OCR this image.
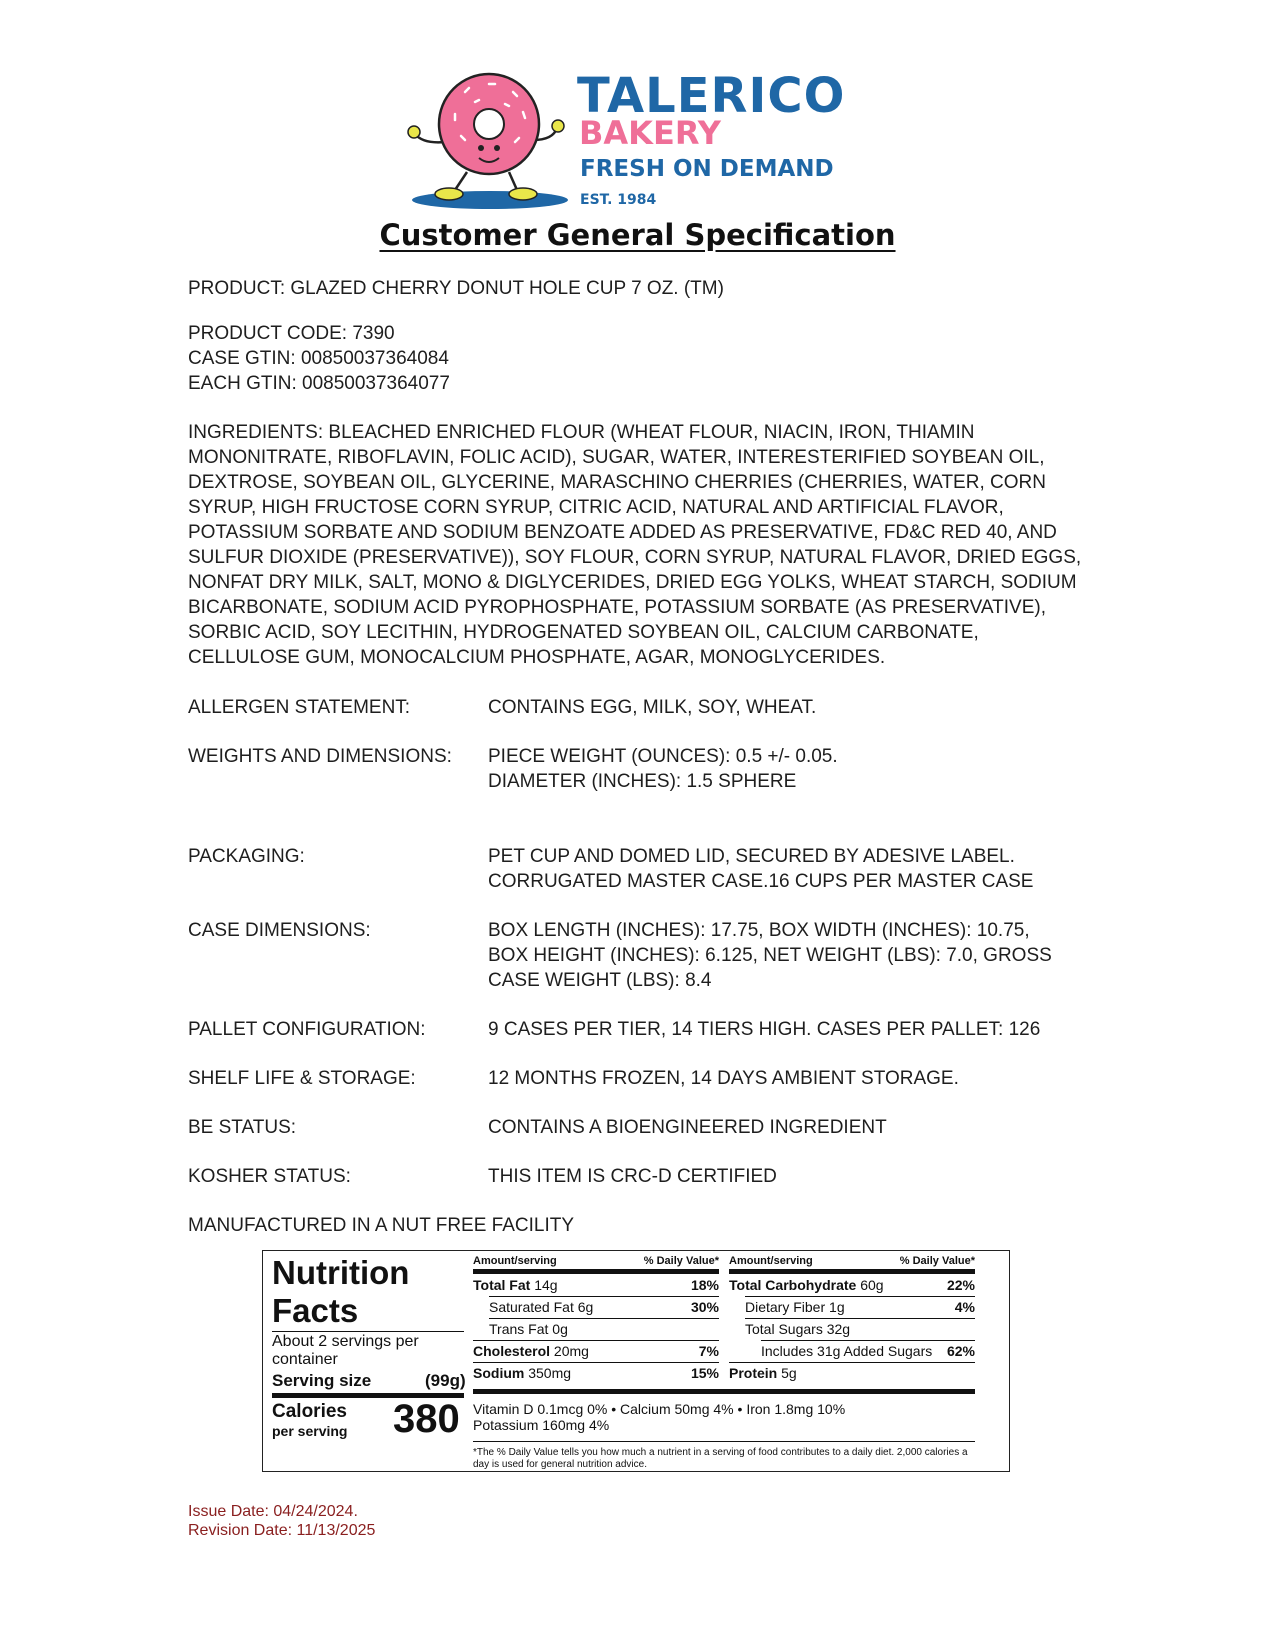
TALERICO
BAKERY
FRESH ON DEMAND
EST. 1984
Customer General Specification
PRODUCT: GLAZED CHERRY DONUT HOLE CUP 7 OZ. (TM)
PRODUCT CODE: 7390
CASE GTIN: 00850037364084
EACH GTIN: 00850037364077
INGREDIENTS: BLEACHED ENRICHED FLOUR (WHEAT FLOUR, NIACIN, IRON, THIAMIN MONONITRATE, RIBOFLAVIN, FOLIC ACID), SUGAR, WATER, INTERESTERIFIED SOYBEAN OIL, DEXTROSE, SOYBEAN OIL, GLYCERINE, MARASCHINO CHERRIES (CHERRIES, WATER, CORN SYRUP, HIGH FRUCTOSE CORN SYRUP, CITRIC ACID, NATURAL AND ARTIFICIAL FLAVOR, POTASSIUM SORBATE AND SODIUM BENZOATE ADDED AS PRESERVATIVE, FD&C RED 40, AND SULFUR DIOXIDE (PRESERVATIVE)), SOY FLOUR, CORN SYRUP, NATURAL FLAVOR, DRIED EGGS, NONFAT DRY MILK, SALT, MONO & DIGLYCERIDES, DRIED EGG YOLKS, WHEAT STARCH, SODIUM BICARBONATE, SODIUM ACID PYROPHOSPHATE, POTASSIUM SORBATE (AS PRESERVATIVE), SORBIC ACID, SOY LECITHIN, HYDROGENATED SOYBEAN OIL, CALCIUM CARBONATE, CELLULOSE GUM, MONOCALCIUM PHOSPHATE, AGAR, MONOGLYCERIDES.
ALLERGEN STATEMENT:	CONTAINS EGG, MILK, SOY, WHEAT.
WEIGHTS AND DIMENSIONS: PIECE WEIGHT (OUNCES): 0.5 +/- 0.05.
DIAMETER (INCHES): 1.5 SPHERE
PACKAGING:	PET CUP AND DOMED LID, SECURED BY ADESIVE LABEL.
CORRUGATED MASTER CASE.16 CUPS PER MASTER CASE
CASE DIMENSIONS:	BOX LENGTH (INCHES): 17.75, BOX WIDTH (INCHES): 10.75,
BOX HEIGHT (INCHES): 6.125, NET WEIGHT (LBS): 7.0, GROSS
CASE WEIGHT (LBS): 8.4
PALLET CONFIGURATION:	9 CASES PER TIER, 14 TIERS HIGH. CASES PER PALLET: 126
SHELF LIFE & STORAGE:	12 MONTHS FROZEN, 14 DAYS AMBIENT STORAGE.
BE STATUS:	CONTAINS A BIOENGINEERED INGREDIENT
KOSHER STATUS:	THIS ITEM IS CRC-D CERTIFIED
MANUFACTURED IN A NUT FREE FACILITY
Nutrition
Facts
About 2 servings per container
Serving size	(99g)
Calories
per serving 380
Amount/serving	% Daily Value* Amount/serving	% Daily Value*
Vitamin D 0.1mcg 0% • Calcium 50mg 4% • Iron 1.8mg 10%
Potassium 160mg 4%
*The % Daily Value tells you how much a nutrient in a serving of food contributes to a daily diet. 2,000 calories a day is used for general nutrition advice.
Total Fat 14g	18%
Saturated Fat 6g	30%
Trans Fat 0g
Cholesterol 20mg	7%
Sodium 350mg	15%
Total Carbohydrate 60g	22%
Dietary Fiber 1g	4%
Total Sugars 32g
Includes 31g Added Sugars	62%
Protein 5g
Issue Date: 04/24/2024.
Revision Date: 11/13/2025
